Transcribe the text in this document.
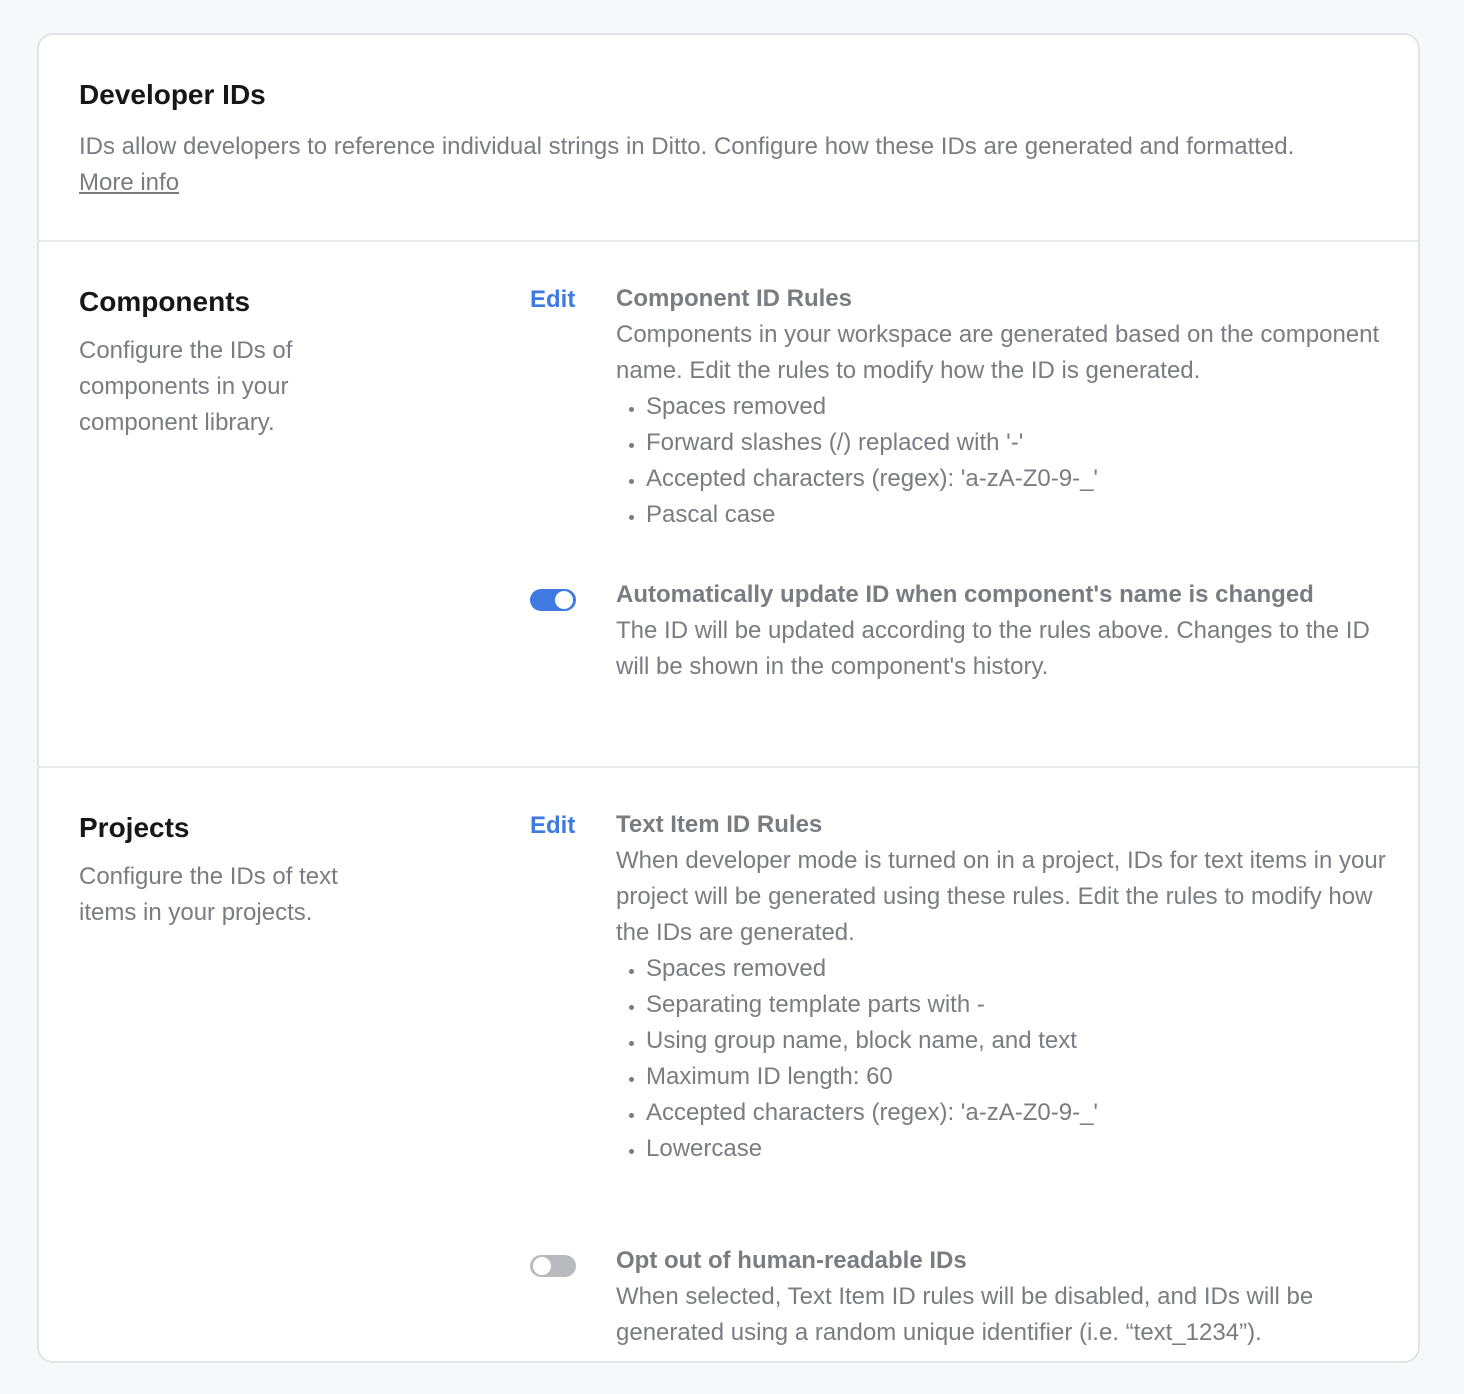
Developer IDs
IDs allow developers to reference individual strings in Ditto. Configure how these IDs are generated and formatted.
More info
Components
Configure the IDs of components in your component library.
Edit Component ID Rules
Components in your workspace are generated based on the component name. Edit the rules to modify how the ID is generated.
• Spaces removed
• Forward slashes (/) replaced with '-'
• Accepted characters (regex): 'a-zA-Z0-9-_'
• Pascal case
Automatically update ID when component's name is changed
The ID will be updated according to the rules above. Changes to the ID will be shown in the component's history.
Projects
Configure the IDs of text items in your projects.
Edit Text Item ID Rules
When developer mode is turned on in a project, IDs for text items in your project will be generated using these rules. Edit the rules to modify how the IDs are generated.
• Spaces removed
• Separating template parts with -
• Using group name, block name, and text
• Maximum ID length: 60
• Accepted characters (regex): 'a-zA-Z0-9-_'
• Lowercase
Opt out of human-readable IDs
When selected, Text Item ID rules will be disabled, and IDs will be generated using a random unique identifier (i.e. “text_1234”).
